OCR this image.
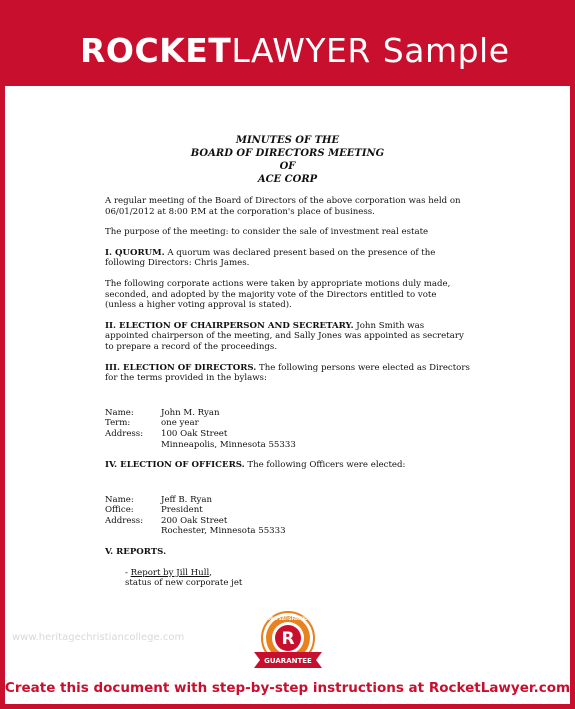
ROCKETLAWYER Sample
MINUTES OF THE
BOARD OF DIRECTORS MEETING
OF
ACE CORP

A regular meeting of the Board of Directors of the above corporation was held on 06/01/2012 at 8:00 P.M at the corporation's place of business.

The purpose of the meeting: to consider the sale of investment real estate

I. QUORUM. A quorum was declared present based on the presence of the following Directors: Chris James.

The following corporate actions were taken by appropriate motions duly made, seconded, and adopted by the majority vote of the Directors entitled to vote (unless a higher voting approval is stated).

II. ELECTION OF CHAIRPERSON AND SECRETARY. John Smith was appointed chairperson of the meeting, and Sally Jones was appointed as secretary to prepare a record of the proceedings.

III. ELECTION OF DIRECTORS. The following persons were elected as Directors for the terms provided in the bylaws:

Name:	John M. Ryan
Term:	one year
Address:	100 Oak Street
Minneapolis, Minnesota 55333

IV. ELECTION OF OFFICERS. The following Officers were elected:

Name:	Jeff B. Ryan
Office:	President
Address:	200 Oak Street
Rochester, Minnesota 55333

V. REPORTS.

- Report by Jill Hull,
status of new corporate jet
www.heritagechristiancollege.com	R
100% SATISFACTION
GUARANTEE
Create this document with step-by-step instructions at RocketLawyer.com
